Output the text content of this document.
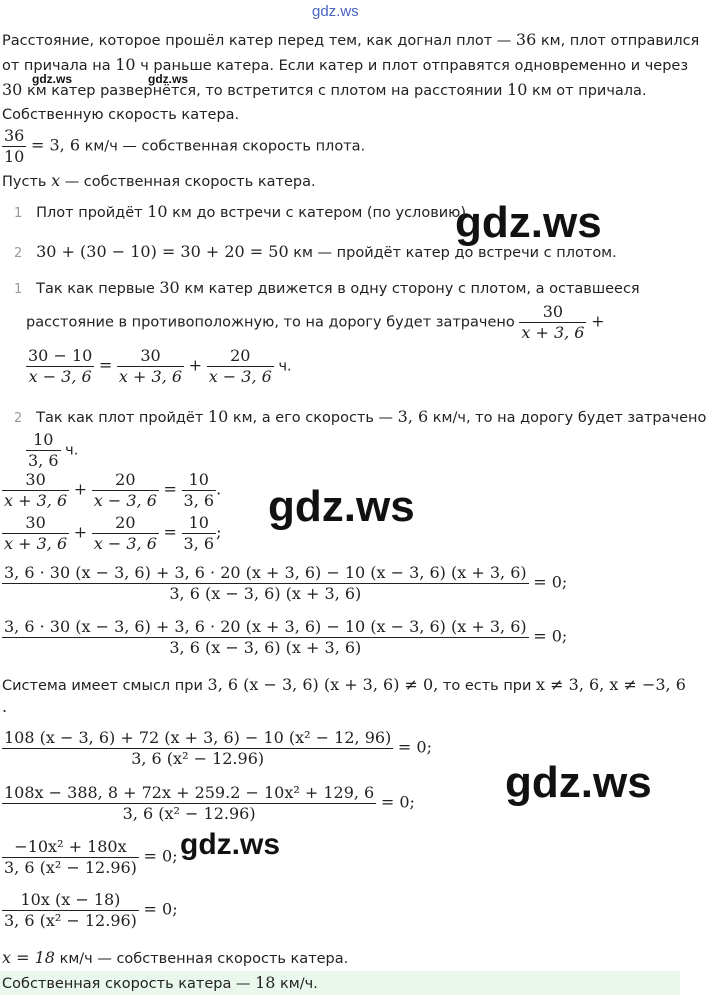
gdz.ws
gdz.ws	gdz.ws
gdz.ws
gdz.ws
gdz.ws
gdz.ws
Расстояние, которое прошёл катер перед тем, как догнал плот — 36 км, плот отправился
от причала на 10 ч раньше катера. Если катер и плот отправятся одновременно и через
30 км катер развернётся, то встретится с плотом на расстоянии 10 км от причала.
Собственную скорость катера.
$\frac{36}{10} = 3$, 6 км/ч — собственная скорость плота.
Пусть x — собственная скорость катера.
1 Плот пройдёт 10 км до встречи с катером (по условию).
2 30 + (30 − 10) = 30 + 20 = 50 км — пройдёт катер до встречи с плотом.
1 Так как первые 30 км катер движется в одну сторону с плотом, а оставшееся
расстояние в противоположную, то на дорогу будет затрачено $\frac{30}{x + 3, 6}$ +
$\frac{30 - 10}{x - 3, 6} = \frac{30}{x + 3, 6} + \frac{20}{x - 3, 6} ч$.
2 Так как плот пройдёт 10 км, а его скорость — 3, 6 км/ч, то на дорогу будет затрачено
$\frac{10}{3, 6} ч$.
$\frac{30}{x + 3, 6} + \frac{20}{x - 3, 6} = \frac{10}{3, 6}$ .
$\frac{30}{x + 3, 6} + \frac{20}{x - 3, 6} = \frac{10}{3, 6}$ ;
3, 6 · 30 (x − 3, 6) + 3, 6 · 20 (x + 3, 6) − 10 (x − 3, 6) (x + 3, 6)
3, 6 (x − 3, 6) (x + 3, 6)
= 0;
3, 6 · 30 (x − 3, 6) + 3, 6 · 20 (x + 3, 6) − 10 (x − 3, 6) (x + 3, 6)
3, 6 (x − 3, 6) (x + 3, 6)
= 0;
Система имеет смысл при 3, 6 (x − 3, 6) (x + 3, 6) ≠ 0, то есть при x ≠ 3, 6, x ≠ −3, 6
.
$\frac{\text{108 (x − 3, 6) + 72 (x + 3, 6) − 10 (x² − 12, 96)}}{\text{3, 6 (x² − 12.96)}} = 0$;
$\frac{\text{108x − 388, 8 + 72x + 259.2 − 10x² + 129, 6}}{\text{3, 6 (x² − 12.96)}} = 0$;
$\frac{\text{−10x² + 180x}}{\text{3, 6 (x² − 12.96)}} = 0$;
$\frac{10x (x - 18)}{\text{3, 6 (x² − 12.96)}} = 0$;
x = 18 км/ч — собственная скорость катера.
Собственная скорость катера — 18 км/ч.
